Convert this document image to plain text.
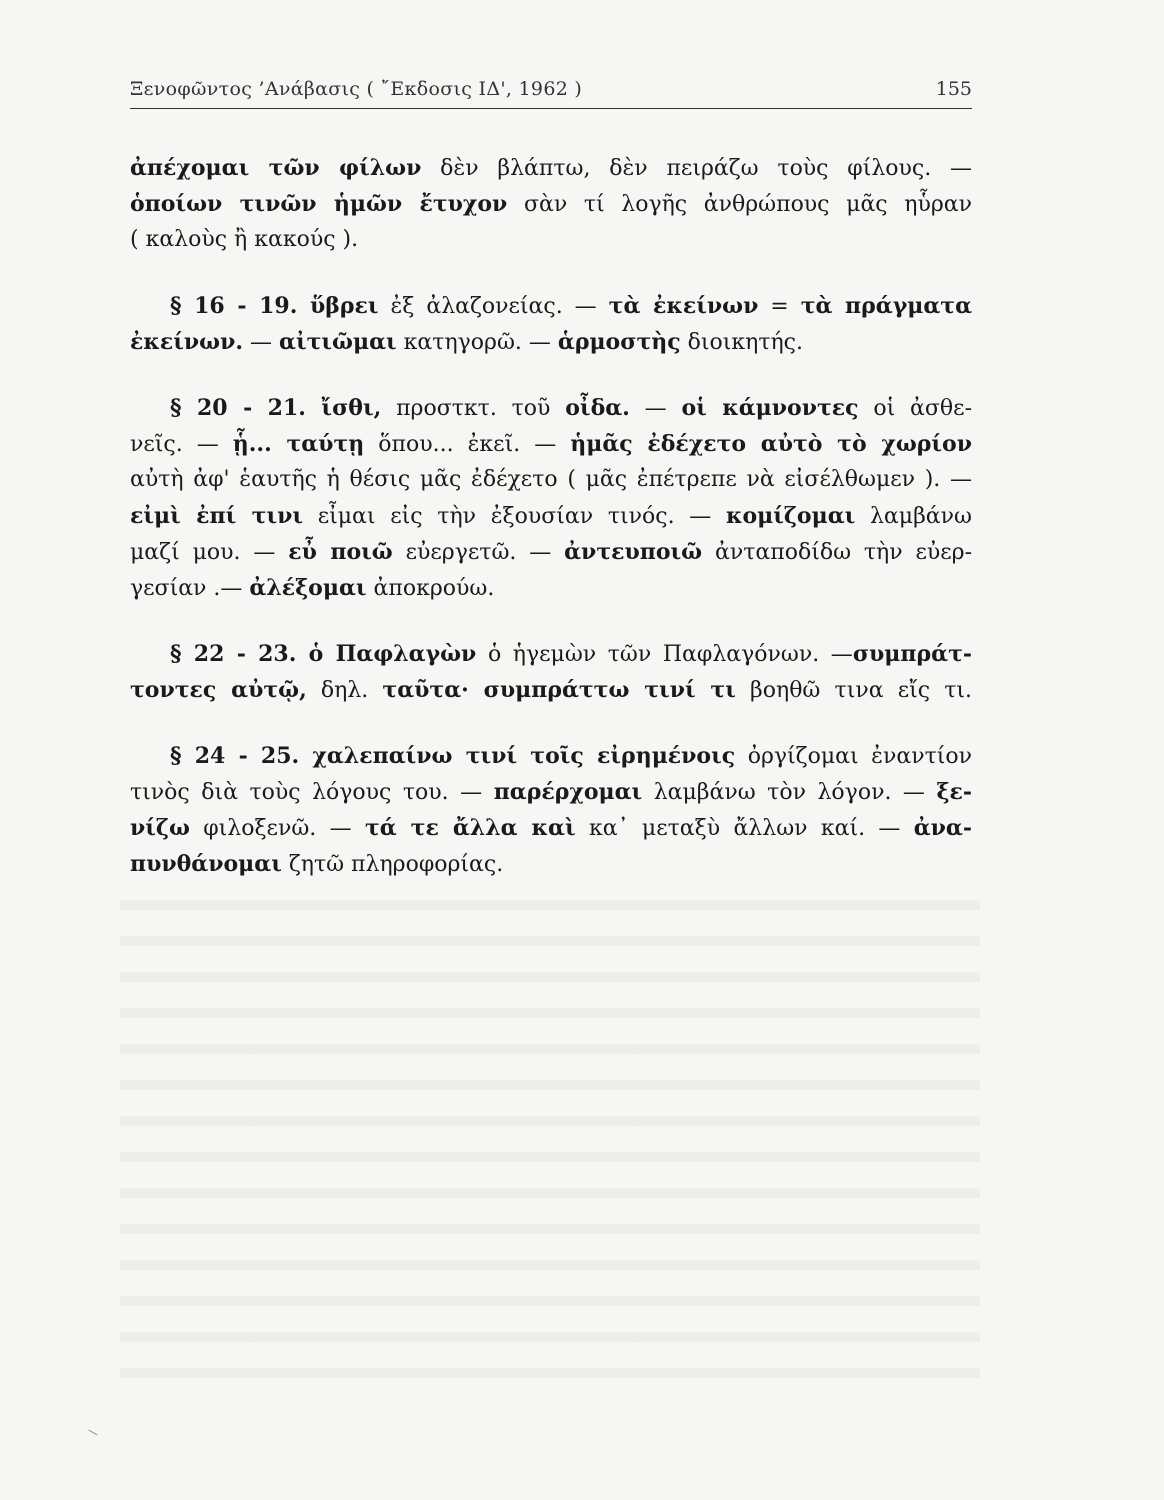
Ξενοφῶντος ’Ανάβασις ( ῎Εκδοσις ΙΔ', 1962 )	155
ἀπέχομαι τῶν φίλων δὲν βλάπτω, δὲν πειράζω τοὺς φίλους. —
ὁποίων τινῶν ἡμῶν ἔτυχον σὰν τί λογῆς ἀνθρώπους μᾶς ηὗραν
( καλοὺς ἢ κακούς ).
§ 16 - 19. ὕβρει ἐξ ἀλαζονείας. — τὰ ἐκείνων = τὰ πράγματα
ἐκείνων. — αἰτιῶμαι κατηγορῶ. — ἁρμοστὴς διοικητής.
§ 20 - 21. ἴσθι, προστκτ. τοῦ οἶδα. — οἱ κάμνοντες οἱ ἀσθε-
νεῖς. — ᾗ... ταύτῃ ὅπου... ἐκεῖ. — ἡμᾶς ἐδέχετο αὐτὸ τὸ χωρίον
αὐτὴ ἀφ' ἑαυτῆς ἡ θέσις μᾶς ἐδέχετο ( μᾶς ἐπέτρεπε νὰ εἰσέλθωμεν ). —
εἰμὶ ἐπί τινι εἶμαι εἰς τὴν ἐξουσίαν τινός. — κομίζομαι λαμβάνω
μαζί μου. — εὖ ποιῶ εὐεργετῶ. — ἀντευποιῶ ἀνταποδίδω τὴν εὐερ-
γεσίαν .— ἀλέξομαι ἀποκρούω.
§ 22 - 23. ὁ Παφλαγὼν ὁ ἡγεμὼν τῶν Παφλαγόνων. —συμπράτ-
τοντες αὐτῷ, δηλ. ταῦτα· συμπράττω τινί τι βοηθῶ τινα εἴς τι.
§ 24 - 25. χαλεπαίνω τινί τοῖς εἰρημένοις ὀργίζομαι ἐναντίον
τινὸς διὰ τοὺς λόγους του. — παρέρχομαι λαμβάνω τὸν λόγον. — ξε-
νίζω φιλοξενῶ. — τά τε ἄλλα καὶ κα᾽ μεταξὺ ἄλλων καί. — ἀνα-
πυνθάνομαι ζητῶ πληροφορίας.
